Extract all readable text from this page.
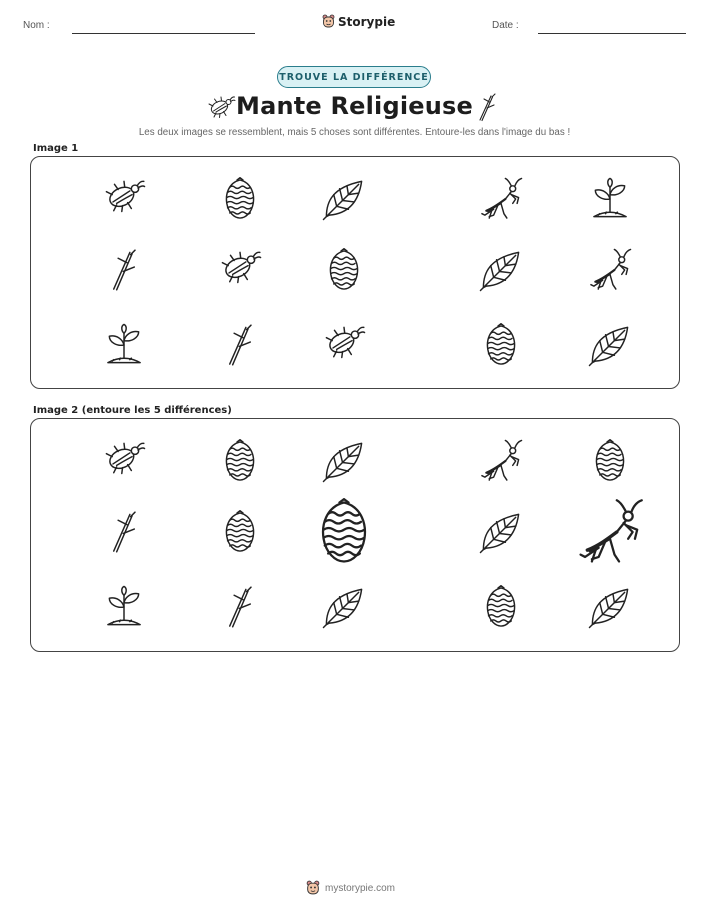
Nom :	Storypie	Date :
TROUVE LA DIFFÉRENCE
Mante Religieuse
Les deux images se ressemblent, mais 5 choses sont différentes. Entoure-les dans l'image du bas !
Image 1
Image 2 (entoure les 5 différences)
mystorypie.com
